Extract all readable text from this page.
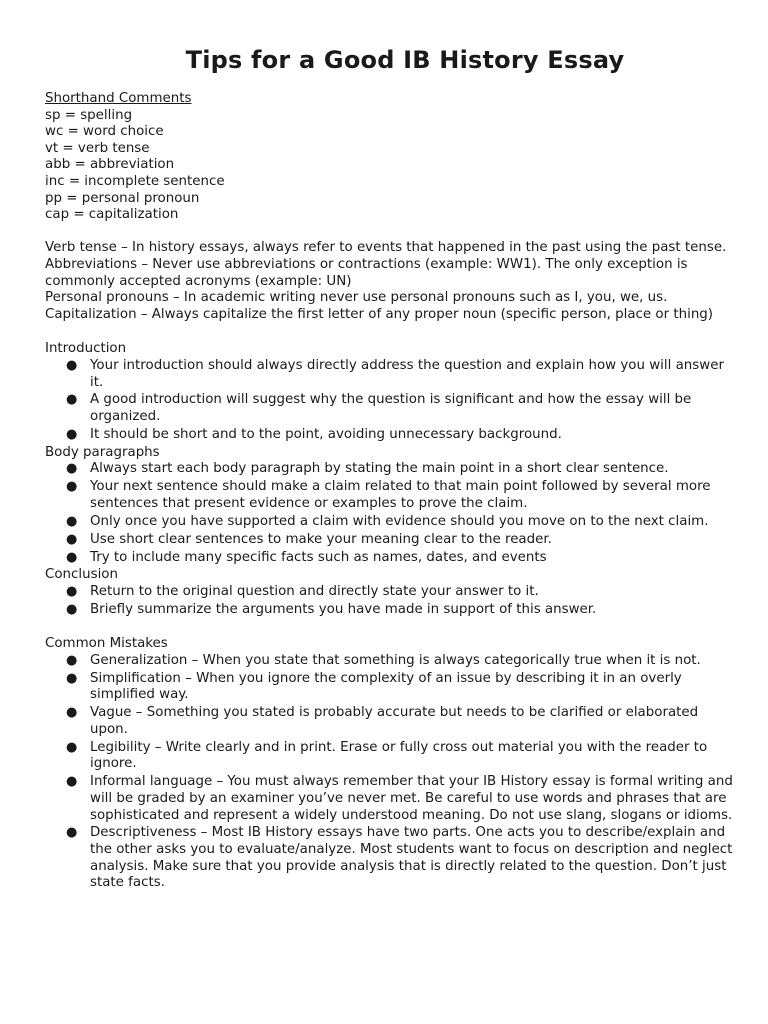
Tips for a Good IB History Essay
Shorthand Comments
sp = spelling
wc = word choice
vt = verb tense
abb = abbreviation
inc = incomplete sentence
pp = personal pronoun
cap = capitalization

Verb tense – In history essays, always refer to events that happened in the past using the past tense. Abbreviations – Never use abbreviations or contractions (example: WW1). The only exception is commonly accepted acronyms (example: UN)

Personal pronouns – In academic writing never use personal pronouns such as I, you, we, us.

Capitalization – Always capitalize the first letter of any proper noun (specific person, place or thing)

Introduction

● Your introduction should always directly address the question and explain how you will answer it.
● A good introduction will suggest why the question is significant and how the essay will be organized.
● It should be short and to the point, avoiding unnecessary background.

Body paragraphs

● Always start each body paragraph by stating the main point in a short clear sentence.
● Your next sentence should make a claim related to that main point followed by several more sentences that present evidence or examples to prove the claim.
● Only once you have supported a claim with evidence should you move on to the next claim.
● Use short clear sentences to make your meaning clear to the reader.
● Try to include many specific facts such as names, dates, and events

Conclusion

● Return to the original question and directly state your answer to it.
● Briefly summarize the arguments you have made in support of this answer.

Common Mistakes

● Generalization – When you state that something is always categorically true when it is not.
● Simplification – When you ignore the complexity of an issue by describing it in an overly simplified way.
● Vague – Something you stated is probably accurate but needs to be clarified or elaborated upon.
● Legibility – Write clearly and in print. Erase or fully cross out material you with the reader to ignore.
● Informal language – You must always remember that your IB History essay is formal writing and will be graded by an examiner you’ve never met. Be careful to use words and phrases that are sophisticated and represent a widely understood meaning. Do not use slang, slogans or idioms.
● Descriptiveness – Most IB History essays have two parts. One acts you to describe/explain and the other asks you to evaluate/analyze. Most students want to focus on description and neglect analysis. Make sure that you provide analysis that is directly related to the question. Don’t just state facts.
